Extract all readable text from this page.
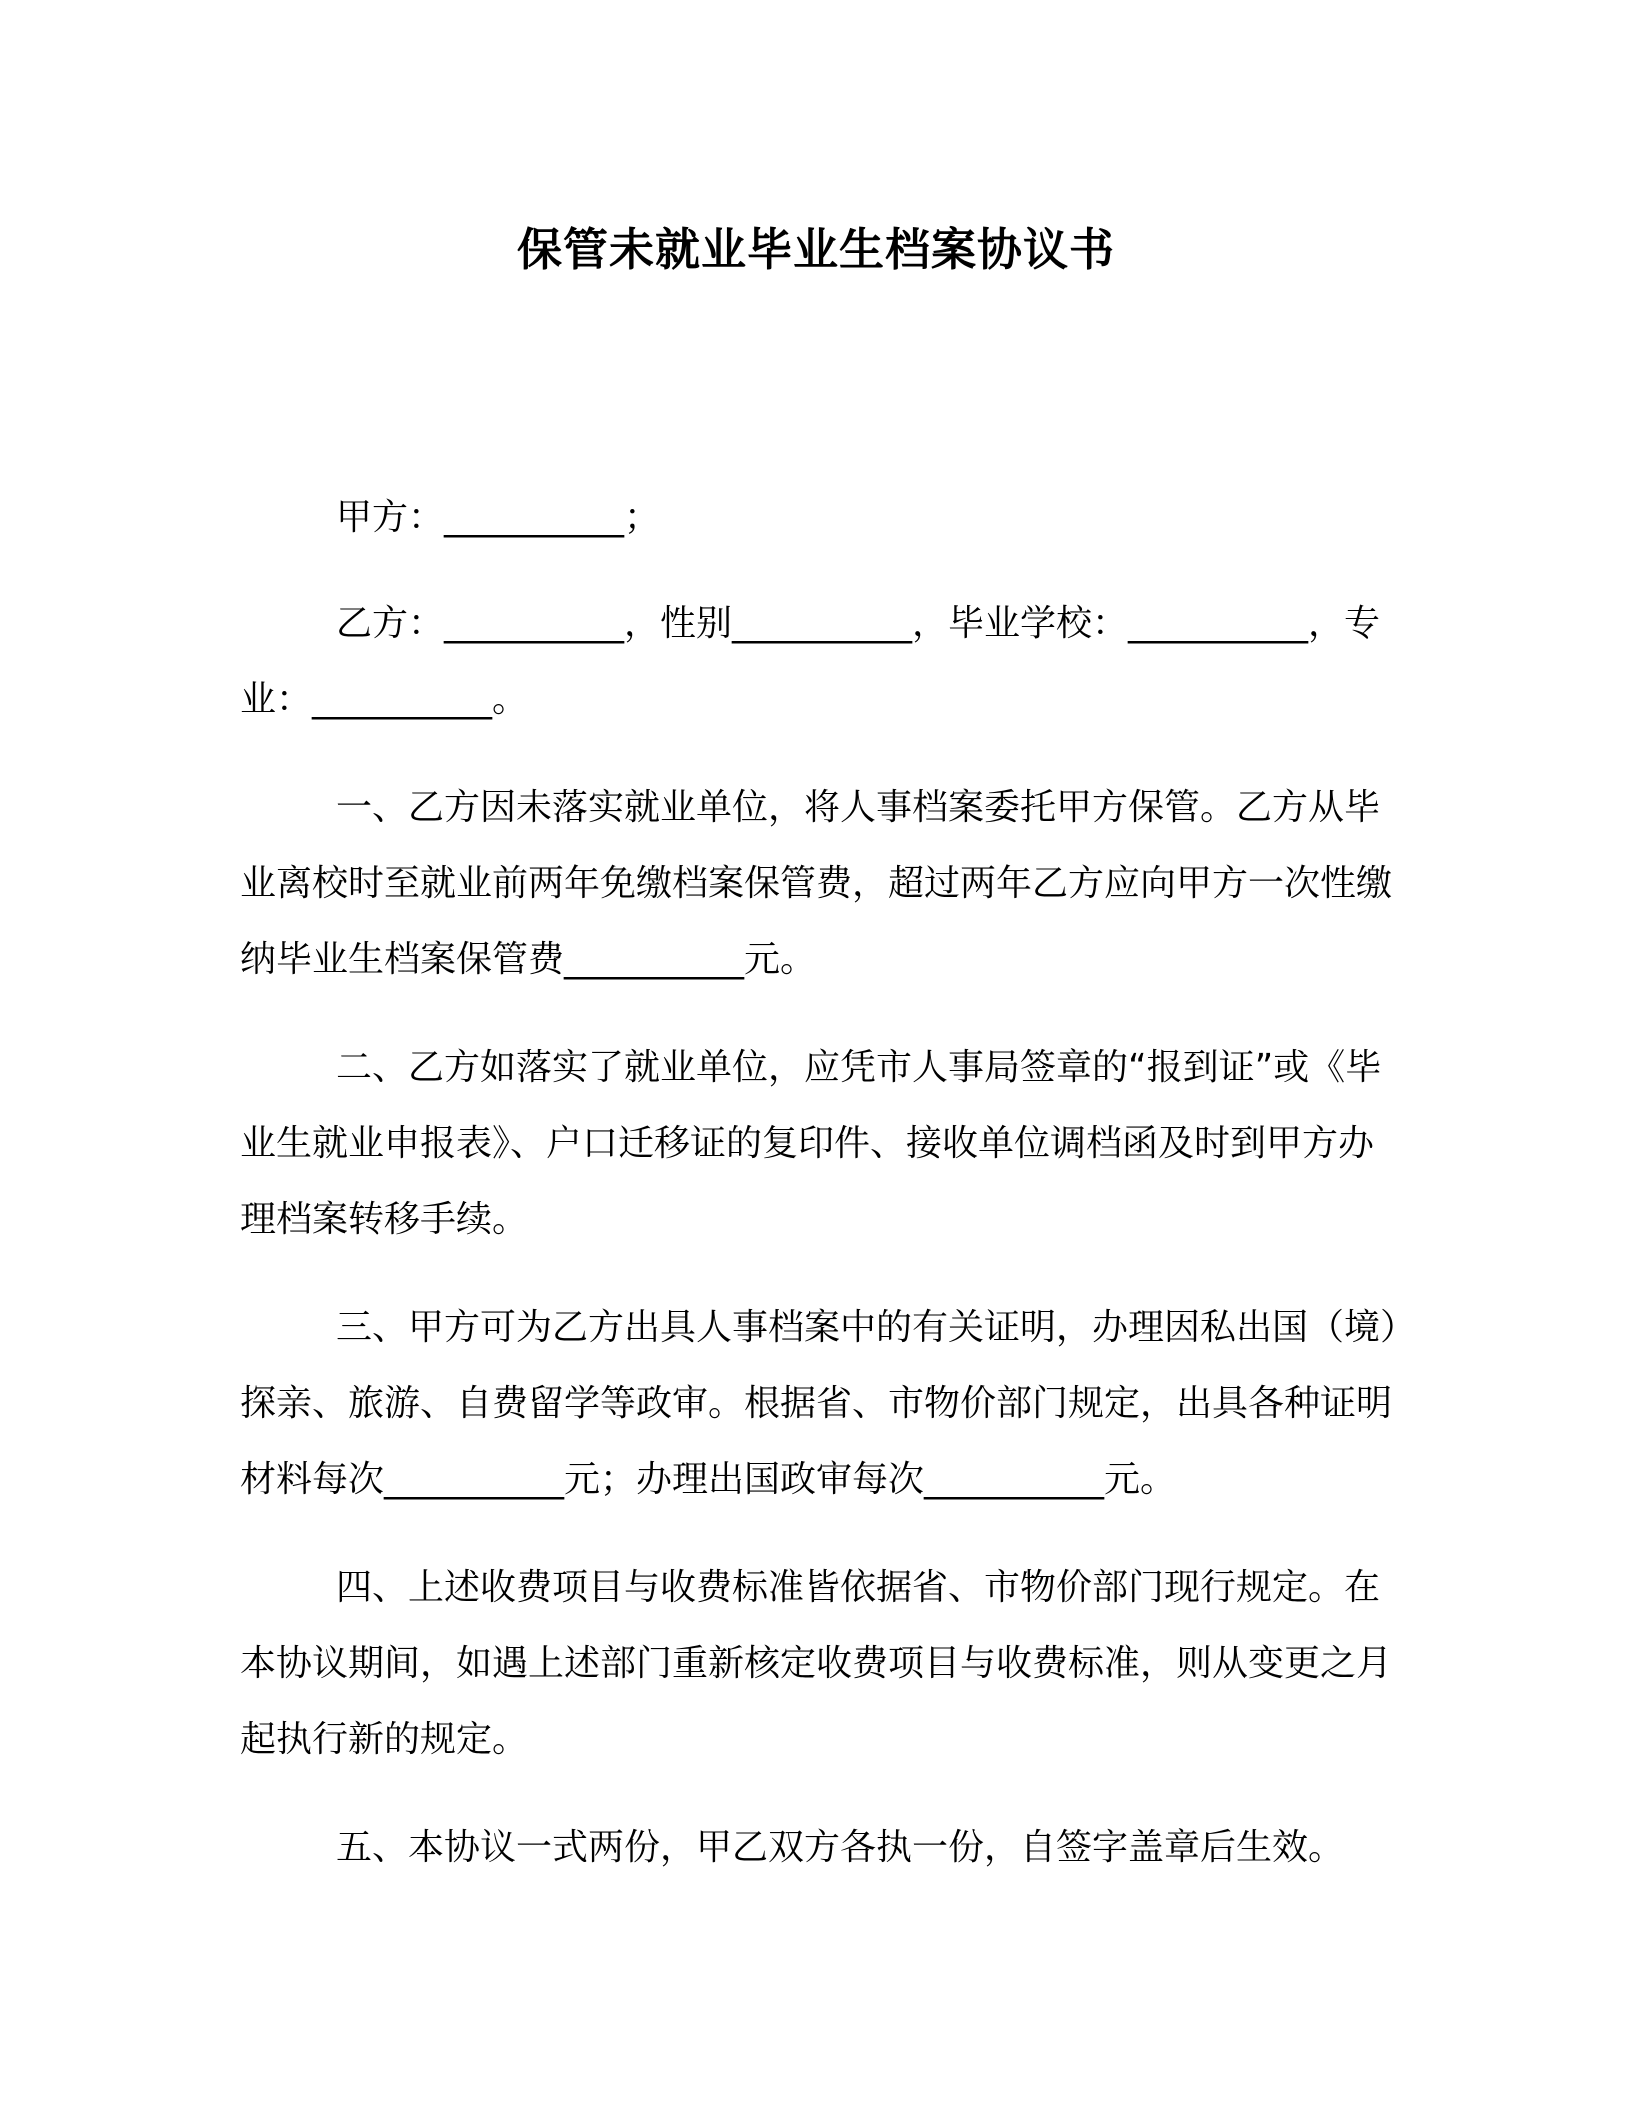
保管未就业毕业生档案协议书

甲方：__________；

乙方：__________，性别__________，毕业学校：__________，专业：__________。

一、乙方因未落实就业单位，将人事档案委托甲方保管。乙方从毕业离校时至就业前两年免缴档案保管费，超过两年乙方应向甲方一次性缴纳毕业生档案保管费__________元。

二、乙方如落实了就业单位，应凭市人事局签章的“报到证”或《毕业生就业申报表》、户口迁移证的复印件、接收单位调档函及时到甲方办理档案转移手续。

三、甲方可为乙方出具人事档案中的有关证明，办理因私出国（境）探亲、旅游、自费留学等政审。根据省、市物价部门规定，出具各种证明材料每次__________元；办理出国政审每次__________元。

四、上述收费项目与收费标准皆依据省、市物价部门现行规定。在本协议期间，如遇上述部门重新核定收费项目与收费标准，则从变更之月起执行新的规定。

五、本协议一式两份，甲乙双方各执一份，自签字盖章后生效。
